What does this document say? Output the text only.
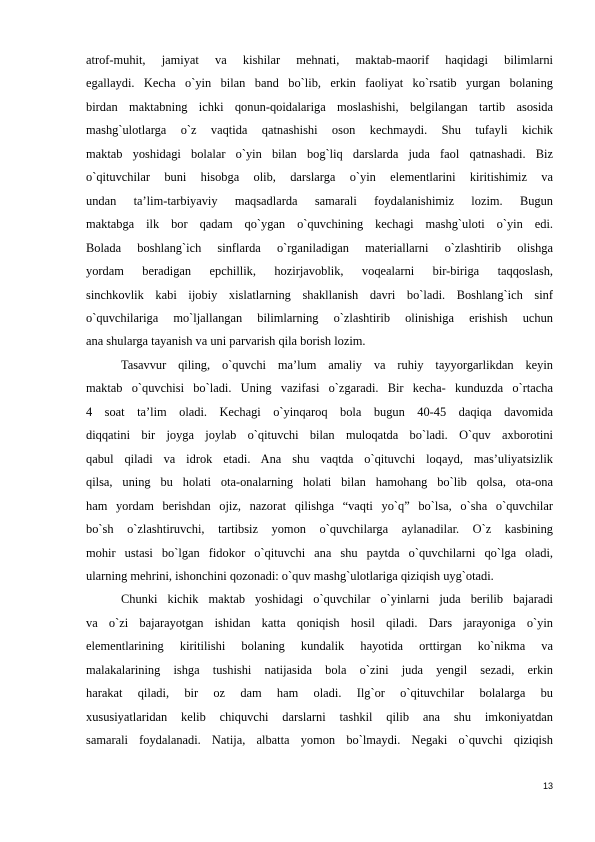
atrof-muhit, jamiyat va kishilar mehnati, maktab-maorif haqidagi bilimlarni
egallaydi. Kecha o`yin bilan band bo`lib, erkin faoliyat ko`rsatib yurgan bolaning
birdan maktabning ichki qonun-qoidalariga moslashishi, belgilangan tartib asosida
mashg`ulotlarga o`z vaqtida qatnashishi oson kechmaydi. Shu tufayli kichik
maktab yoshidagi bolalar o`yin bilan bog`liq darslarda juda faol qatnashadi. Biz
o`qituvchilar buni hisobga olib, darslarga o`yin elementlarini kiritishimiz va
undan ta’lim-tarbiyaviy maqsadlarda samarali foydalanishimiz lozim. Bugun
maktabga ilk bor qadam qo`ygan o`quvchining kechagi mashg`uloti o`yin edi.
Bolada boshlang`ich sinflarda o`rganiladigan materiallarni o`zlashtirib olishga
yordam beradigan epchillik, hozirjavoblik, voqealarni bir-biriga taqqoslash,
sinchkovlik kabi ijobiy xislatlarning shakllanish davri bo`ladi. Boshlang`ich sinf
o`quvchilariga mo`ljallangan bilimlarning o`zlashtirib olinishiga erishish uchun
ana shularga tayanish va uni parvarish qila borish lozim.

Tasavvur qiling, o`quvchi ma’lum amaliy va ruhiy tayyorgarlikdan keyin
maktab o`quvchisi bo`ladi. Uning vazifasi o`zgaradi. Bir kecha- kunduzda o`rtacha
4 soat ta’lim oladi. Kechagi o`yinqaroq bola bugun 40-45 daqiqa davomida
diqqatini bir joyga joylab o`qituvchi bilan muloqatda bo`ladi. O`quv axborotini
qabul qiladi va idrok etadi. Ana shu vaqtda o`qituvchi loqayd, mas’uliyatsizlik
qilsa, uning bu holati ota-onalarning holati bilan hamohang bo`lib qolsa, ota-ona
ham yordam berishdan ojiz, nazorat qilishga “vaqti yo`q” bo`lsa, o`sha o`quvchilar
bo`sh o`zlashtiruvchi, tartibsiz yomon o`quvchilarga aylanadilar. O`z kasbining
mohir ustasi bo`lgan fidokor o`qituvchi ana shu paytda o`quvchilarni qo`lga oladi,
ularning mehrini, ishonchini qozonadi: o`quv mashg`ulotlariga qiziqish uyg`otadi.

Chunki kichik maktab yoshidagi o`quvchilar o`yinlarni juda berilib bajaradi
va o`zi bajarayotgan ishidan katta qoniqish hosil qiladi. Dars jarayoniga o`yin
elementlarining kiritilishi bolaning kundalik hayotida orttirgan ko`nikma va
malakalarining ishga tushishi natijasida bola o`zini juda yengil sezadi, erkin
harakat qiladi, bir oz dam ham oladi. Ilg`or o`qituvchilar bolalarga bu
xususiyatlaridan kelib chiquvchi darslarni tashkil qilib ana shu imkoniyatdan
samarali foydalanadi. Natija, albatta yomon bo`lmaydi. Negaki o`quvchi qiziqish

13
